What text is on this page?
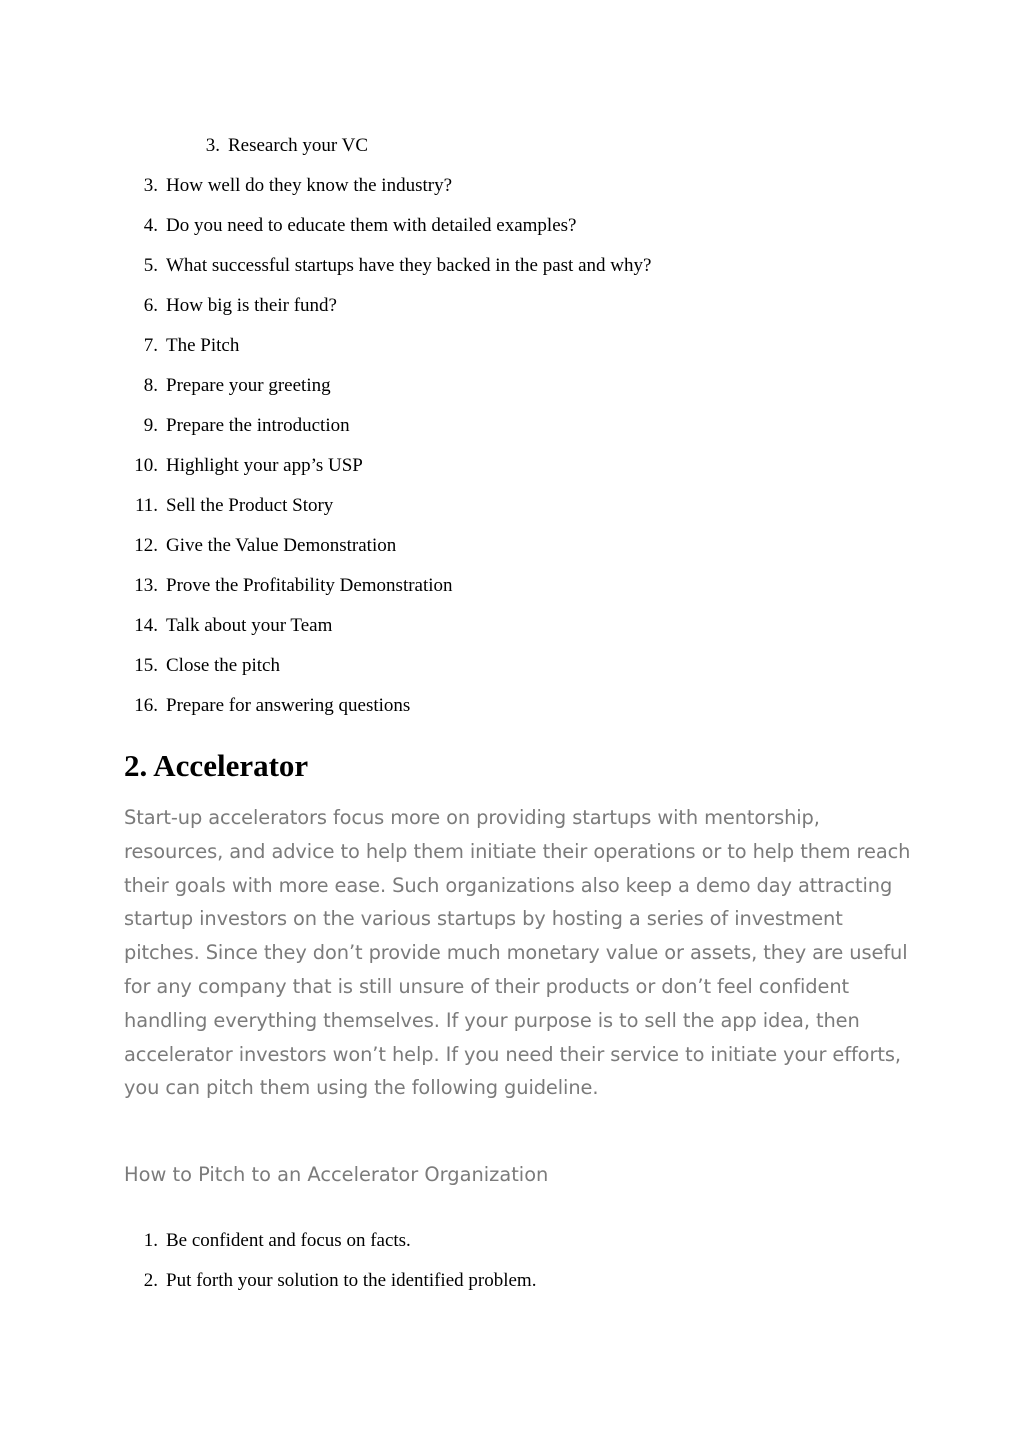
3. Research your VC
3. How well do they know the industry?
4. Do you need to educate them with detailed examples?
5. What successful startups have they backed in the past and why?
6. How big is their fund?
7. The Pitch
8. Prepare your greeting
9. Prepare the introduction
10. Highlight your app’s USP
11. Sell the Product Story
12. Give the Value Demonstration
13. Prove the Profitability Demonstration
14. Talk about your Team
15. Close the pitch
16. Prepare for answering questions
2. Accelerator

Start-up accelerators focus more on providing startups with mentorship, resources, and advice to help them initiate their operations or to help them reach their goals with more ease. Such organizations also keep a demo day attracting startup investors on the various startups by hosting a series of investment pitches. Since they don’t provide much monetary value or assets, they are useful for any company that is still unsure of their products or don’t feel confident handling everything themselves. If your purpose is to sell the app idea, then accelerator investors won’t help. If you need their service to initiate your efforts, you can pitch them using the following guideline.

How to Pitch to an Accelerator Organization
1. Be confident and focus on facts.
2. Put forth your solution to the identified problem.
